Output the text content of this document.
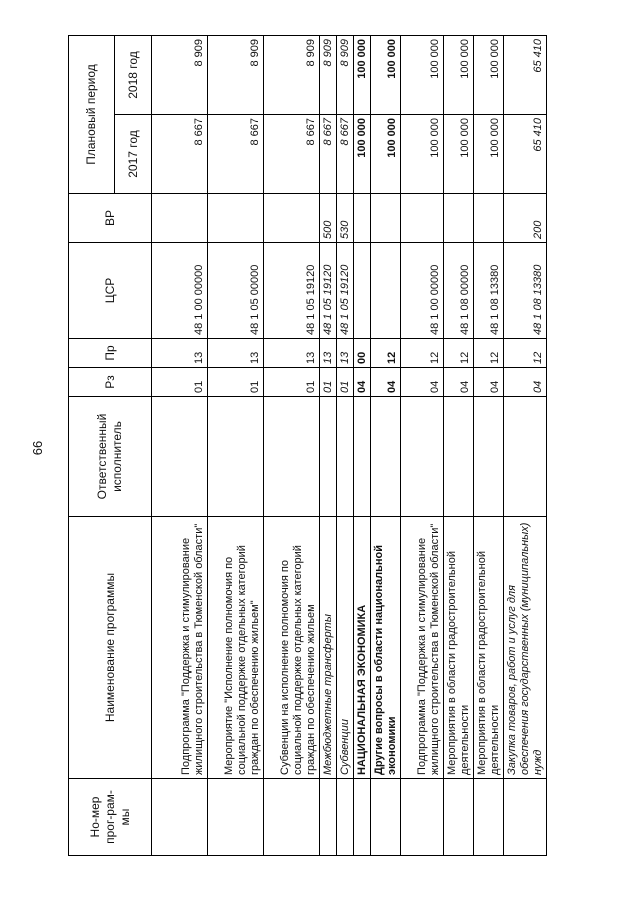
66
Но-мер прог-рам-мы	Наименование программы	Ответственный исполнитель	Рз	Пр	ЦСР	ВР	Плановый период	
							2017 год	2018 год
	Подпрограмма "Поддержка и стимулирование жилищного строительства в Тюменской области"		01	13	48 1 00 00000		8 667	8 909
	Мероприятие "Исполнение полномочия по социальной поддержке отдельных категорий граждан по обеспечению жильем"		01	13	48 1 05 00000		8 667	8 909
	Субвенции на исполнение полномочия по социальной поддержке отдельных категорий граждан по обеспечению жильем		01	13	48 1 05 19120		8 667	8 909
	Межбюджетные трансферты		01	13	48 1 05 19120	500	8 667	8 909
	Субвенции		01	13	48 1 05 19120	530	8 667	8 909
	НАЦИОНАЛЬНАЯ ЭКОНОМИКА		04	00			100 000	100 000
	Другие вопросы в области национальной экономики		04	12			100 000	100 000
	Подпрограмма "Поддержка и стимулирование жилищного строительства в Тюменской области"		04	12	48 1 00 00000		100 000	100 000
	Мероприятия в области градостроительной деятельности		04	12	48 1 08 00000		100 000	100 000
	Мероприятия в области градостроительной деятельности		04	12	48 1 08 13380		100 000	100 000
	Закупка товаров, работ и услуг для обеспечения государственных (муниципальных) нужд		04	12	48 1 08 13380	200	65 410	65 410
